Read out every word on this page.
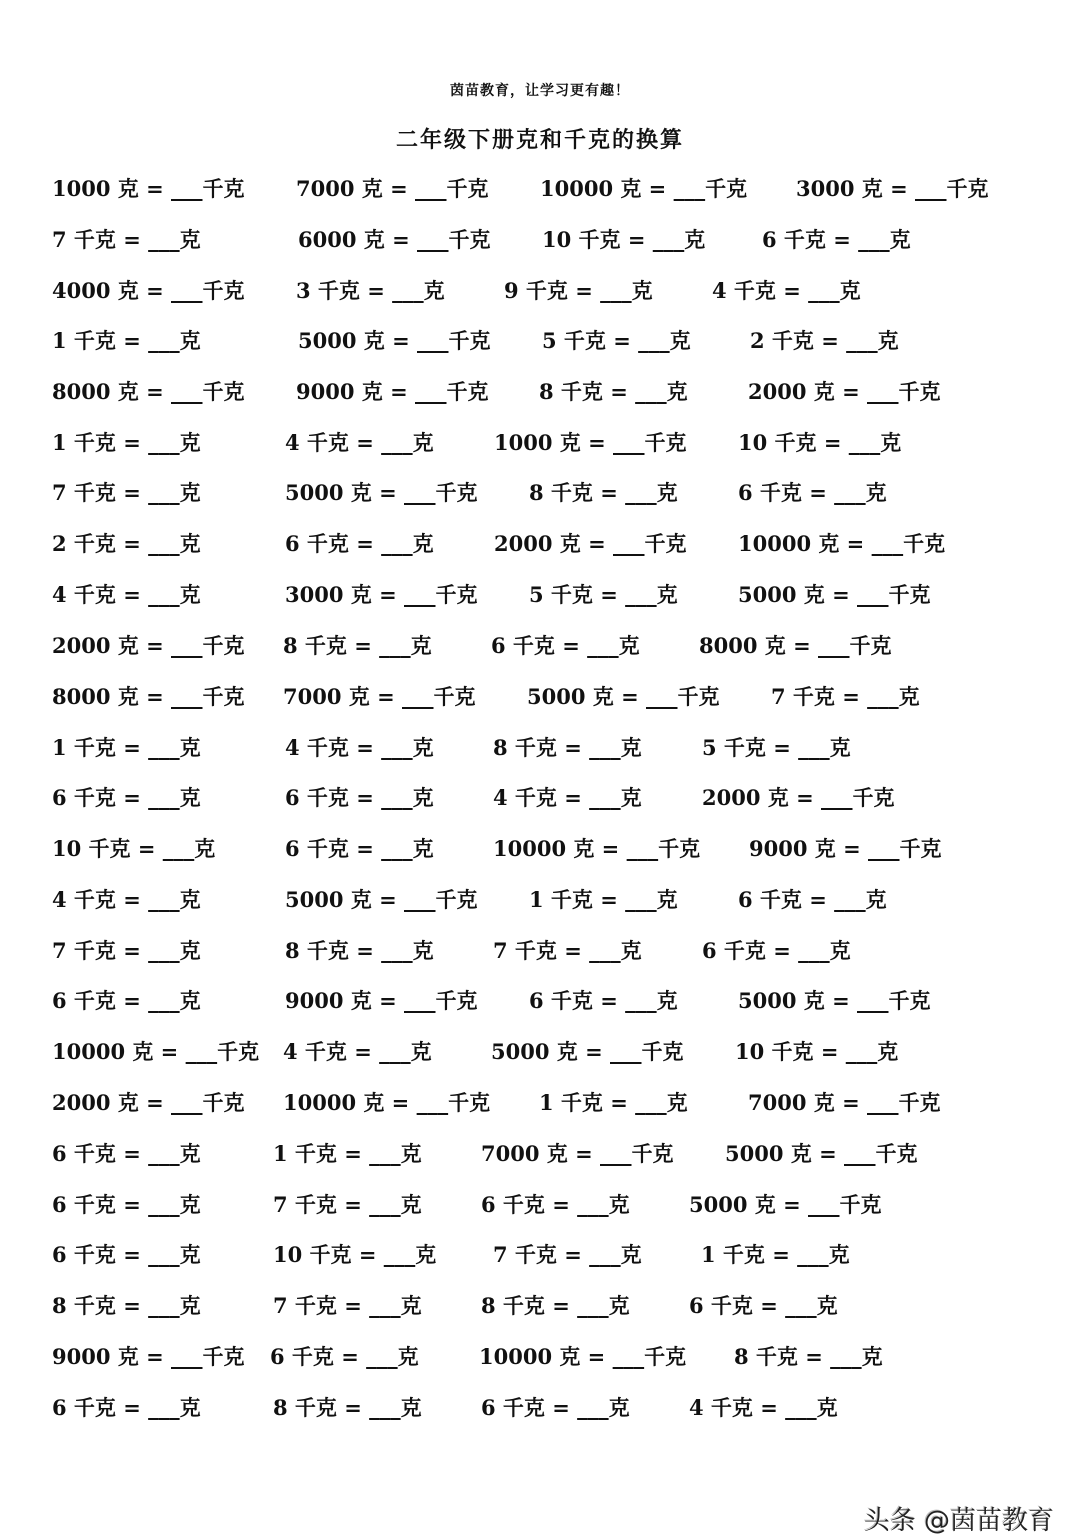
茵苗教育，让学习更有趣！
二年级下册克和千克的换算
1000 克 = ___千克 7000 克 = ___千克 10000 克 = ___千克 3000 克 = ___千克
7 千克 = ___克	6000 克 = ___千克 10 千克 = ___克	6 千克 = ___克
4000 克 = ___千克 3 千克 = ___克	9 千克 = ___克	4 千克 = ___克
1 千克 = ___克	5000 克 = ___千克 5 千克 = ___克	2 千克 = ___克
8000 克 = ___千克 9000 克 = ___千克 8 千克 = ___克	2000 克 = ___千克
1 千克 = ___克	4 千克 = ___克	1000 克 = ___千克 10 千克 = ___克
7 千克 = ___克	5000 克 = ___千克 8 千克 = ___克	6 千克 = ___克
2 千克 = ___克	6 千克 = ___克	2000 克 = ___千克 10000 克 = ___千克
4 千克 = ___克	3000 克 = ___千克 5 千克 = ___克	5000 克 = ___千克
2000 克 = ___千克 8 千克 = ___克	6 千克 = ___克	8000 克 = ___千克
8000 克 = ___千克 7000 克 = ___千克 5000 克 = ___千克 7 千克 = ___克
1 千克 = ___克	4 千克 = ___克	8 千克 = ___克	5 千克 = ___克
6 千克 = ___克	6 千克 = ___克	4 千克 = ___克	2000 克 = ___千克
10 千克 = ___克	6 千克 = ___克	10000 克 = ___千克 9000 克 = ___千克
4 千克 = ___克	5000 克 = ___千克 1 千克 = ___克	6 千克 = ___克
7 千克 = ___克	8 千克 = ___克	7 千克 = ___克	6 千克 = ___克
6 千克 = ___克	9000 克 = ___千克 6 千克 = ___克	5000 克 = ___千克
10000 克 = ___千克 4 千克 = ___克	5000 克 = ___千克 10 千克 = ___克
2000 克 = ___千克 10000 克 = ___千克 1 千克 = ___克	7000 克 = ___千克
6 千克 = ___克	1 千克 = ___克	7000 克 = ___千克 5000 克 = ___千克
6 千克 = ___克	7 千克 = ___克	6 千克 = ___克	5000 克 = ___千克
6 千克 = ___克	10 千克 = ___克	7 千克 = ___克	1 千克 = ___克
8 千克 = ___克	7 千克 = ___克	8 千克 = ___克	6 千克 = ___克
9000 克 = ___千克 6 千克 = ___克	10000 克 = ___千克 8 千克 = ___克
6 千克 = ___克	8 千克 = ___克	6 千克 = ___克	4 千克 = ___克
头条 @茵苗教育
